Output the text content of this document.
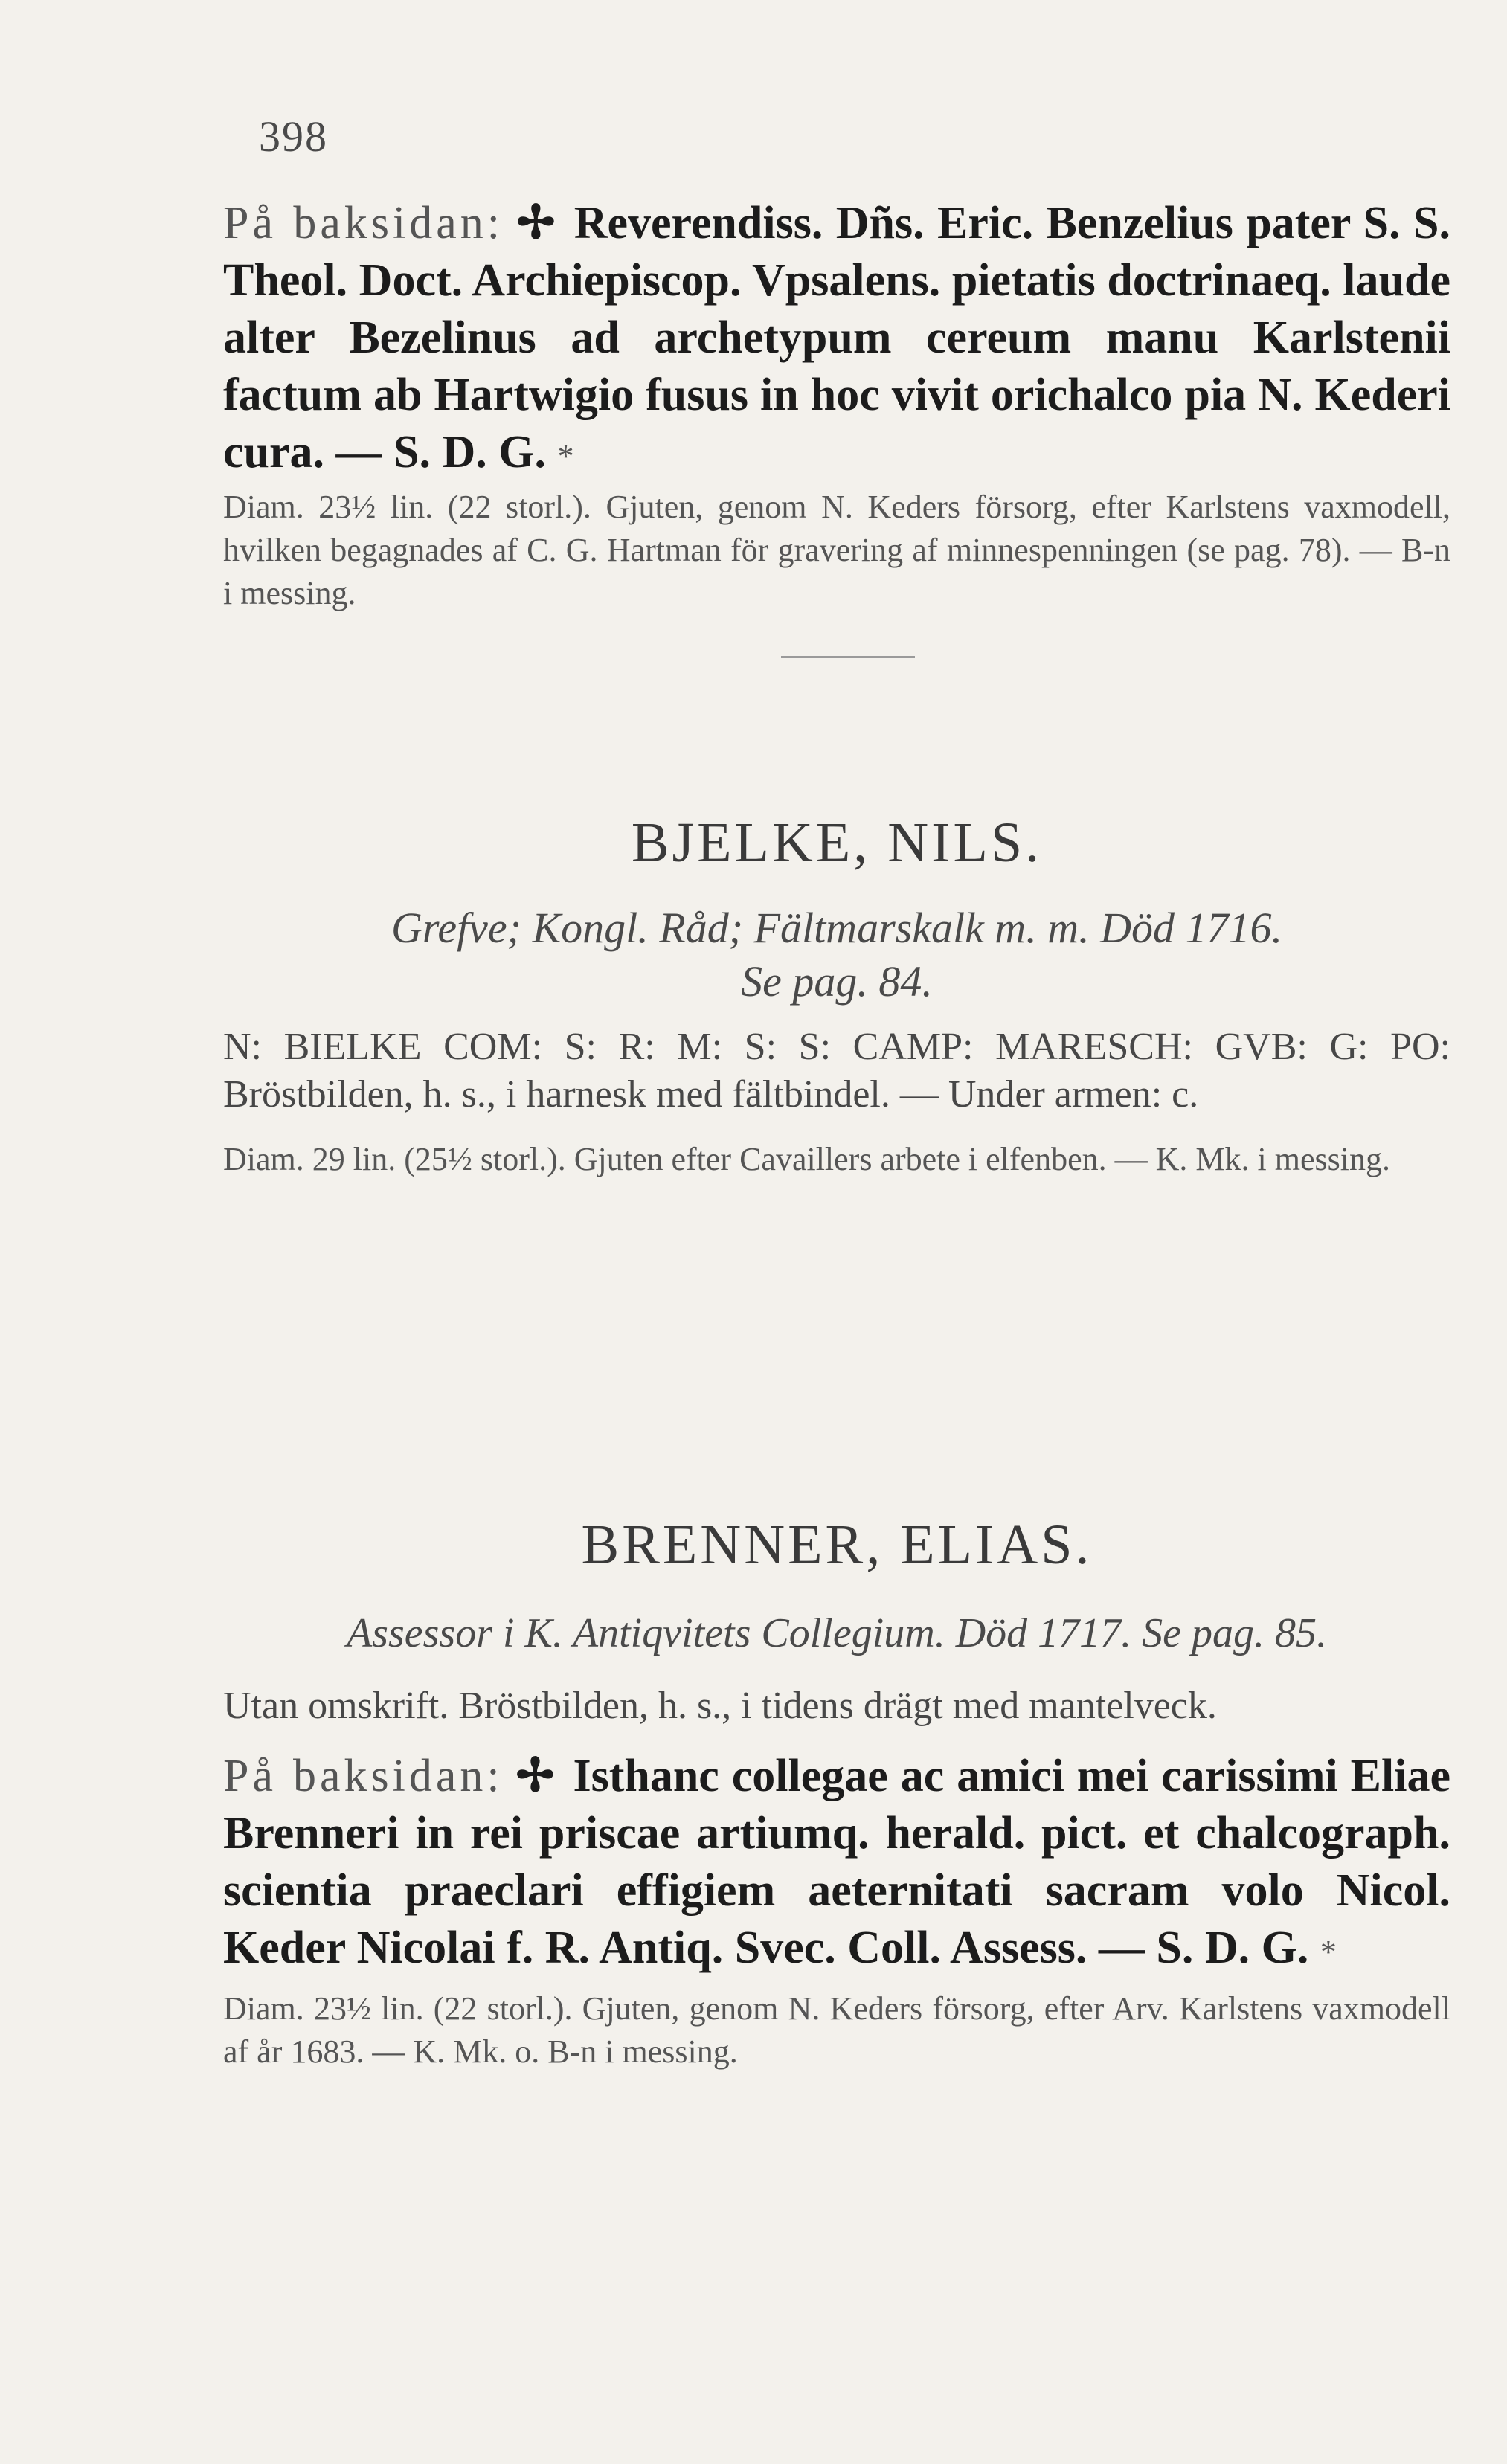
398

På baksidan: ✢ Reverendiss. Dñs. Eric. Benzelius pater S. S. Theol. Doct. Archiepiscop. Vpsalens. pietatis doctrinaeq. laude alter Bezelinus ad archetypum cereum manu Karlstenii factum ab Hartwigio fusus in hoc vivit orichalco pia N. Kederi cura. — S. D. G. *

Diam. 23½ lin. (22 storl.). Gjuten, genom N. Keders försorg, efter Karlstens vaxmodell, hvilken begagnades af C. G. Hartman för gravering af minnespenningen (se pag. 78). — B-n i messing.

BJELKE, NILS.

Grefve; Kongl. Råd; Fältmarskalk m. m. Död 1716.

Se pag. 84.

N: BIELKE COM: S: R: M: S: S: CAMP: MARESCH: GVB: G: PO: Bröstbilden, h. s., i harnesk med fältbindel. — Under armen: c.

Diam. 29 lin. (25½ storl.). Gjuten efter Cavaillers arbete i elfenben. — K. Mk. i messing.

BRENNER, ELIAS.

Assessor i K. Antiqvitets Collegium. Död 1717. Se pag. 85.

Utan omskrift. Bröstbilden, h. s., i tidens drägt med mantelveck.

På baksidan: ✢ Isthanc collegae ac amici mei carissimi Eliae Brenneri in rei priscae artiumq. herald. pict. et chalcograph. scientia praeclari effigiem aeternitati sacram volo Nicol. Keder Nicolai f. R. Antiq. Svec. Coll. Assess. — S. D. G. *

Diam. 23½ lin. (22 storl.). Gjuten, genom N. Keders försorg, efter Arv. Karlstens vaxmodell af år 1683. — K. Mk. o. B-n i messing.
